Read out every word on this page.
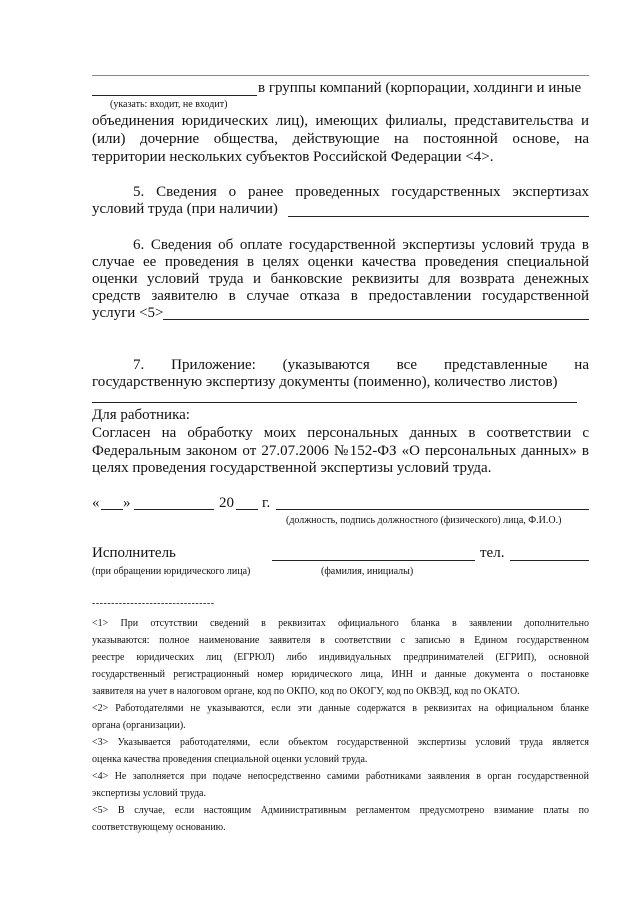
в группы компаний (корпорации, холдинги и иные
(указать: входит, не входит)
объединения юридических лиц), имеющих филиалы, представительства и
(или) дочерние общества, действующие на постоянной основе, на
территории нескольких субъектов Российской Федерации <4>.
5. Сведения о ранее проведенных государственных экспертизах
условий труда (при наличии)
6. Сведения об оплате государственной экспертизы условий труда в
случае ее проведения в целях оценки качества проведения специальной
оценки условий труда и банковские реквизиты для возврата денежных
средств заявителю в случае отказа в предоставлении государственной
услуги <5>
7. Приложение: (указываются все представленные на
государственную экспертизу документы (поименно), количество листов)
Для работника:
Согласен на обработку моих персональных данных в соответствии с
Федеральным законом от 27.07.2006 №152-ФЗ «О персональных данных» в
целях проведения государственной экспертизы условий труда.
« »	20 г.
(должность, подпись должностного (физического) лица, Ф.И.О.)
Исполнитель	тел.
(при обращении юридического лица)	(фамилия, инициалы)
--------------------------------
<1> При отсутствии сведений в реквизитах официального бланка в заявлении дополнительно
указываются: полное наименование заявителя в соответствии с записью в Едином государственном
реестре юридических лиц (ЕГРЮЛ) либо индивидуальных предпринимателей (ЕГРИП), основной
государственный регистрационный номер юридического лица, ИНН и данные документа о постановке
заявителя на учет в налоговом органе, код по ОКПО, код по ОКОГУ, код по ОКВЭД, код по ОКАТО.
<2> Работодателями не указываются, если эти данные содержатся в реквизитах на официальном бланке
органа (организации).
<3> Указывается работодателями, если объектом государственной экспертизы условий труда является
оценка качества проведения специальной оценки условий труда.
<4> Не заполняется при подаче непосредственно самими работниками заявления в орган государственной
экспертизы условий труда.
<5> В случае, если настоящим Административным регламентом предусмотрено взимание платы по
соответствующему основанию.
